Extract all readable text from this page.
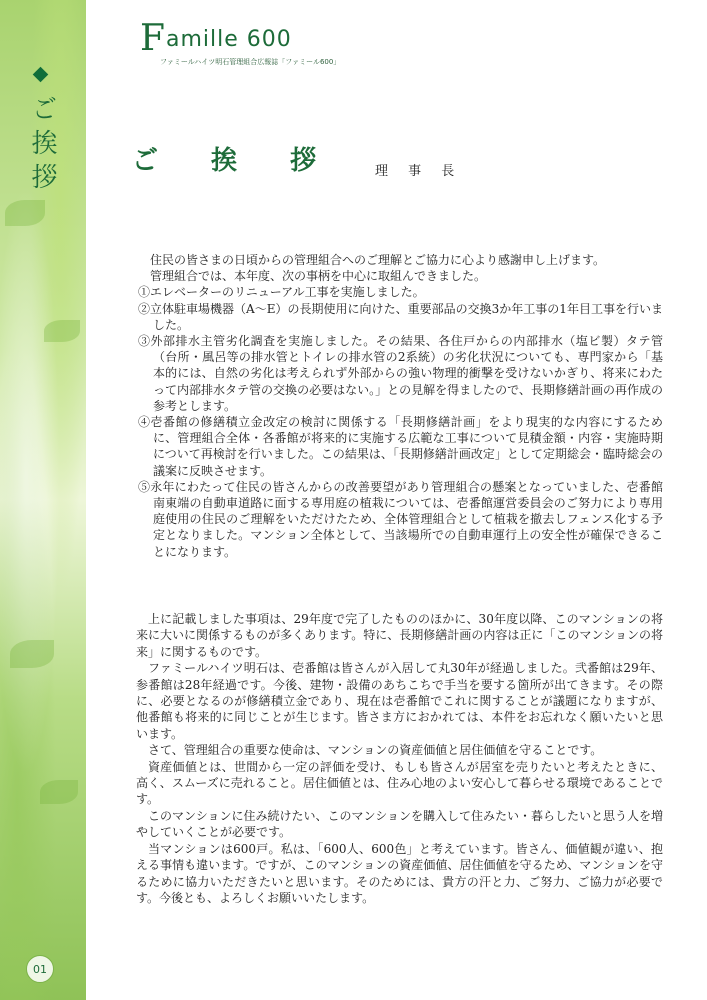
ご挨拶
01
Famille 600
ファミールハイツ明石管理組合広報誌「ファミール600」
ご 挨 拶	理 事 長

住民の皆さまの日頃からの管理組合へのご理解とご協力に心より感謝申し上げます。

管理組合では、本年度、次の事柄を中心に取組んできました。

①エレベーターのリニューアル工事を実施しました。

②立体駐車場機器（A〜E）の長期使用に向けた、重要部品の交換3か年工事の1年目工事を行いました。

③外部排水主管劣化調査を実施しました。その結果、各住戸からの内部排水（塩ビ製）タテ管（台所・風呂等の排水管とトイレの排水管の2系統）の劣化状況についても、専門家から「基本的には、自然の劣化は考えられず外部からの強い物理的衝撃を受けないかぎり、将来にわたって内部排水タテ管の交換の必要はない。」との見解を得ましたので、長期修繕計画の再作成の参考とします。

④壱番館の修繕積立金改定の検討に関係する「長期修繕計画」をより現実的な内容にするために、管理組合全体・各番館が将来的に実施する広範な工事について見積金額・内容・実施時期について再検討を行いました。この結果は、「長期修繕計画改定」として定期総会・臨時総会の議案に反映させます。

⑤永年にわたって住民の皆さんからの改善要望があり管理組合の懸案となっていました、壱番館南東端の自動車道路に面する専用庭の植栽については、壱番館運営委員会のご努力により専用庭使用の住民のご理解をいただけたため、全体管理組合として植栽を撤去しフェンス化する予定となりました。マンション全体として、当該場所での自動車運行上の安全性が確保できることになります。

上に記載しました事項は、29年度で完了したもののほかに、30年度以降、このマンションの将来に大いに関係するものが多くあります。特に、長期修繕計画の内容は正に「このマンションの将来」に関するものです。

ファミールハイツ明石は、壱番館は皆さんが入居して丸30年が経過しました。弐番館は29年、参番館は28年経過です。今後、建物・設備のあちこちで手当を要する箇所が出てきます。その際に、必要となるのが修繕積立金であり、現在は壱番館でこれに関することが議題になりますが、他番館も将来的に同じことが生じます。皆さま方におかれては、本件をお忘れなく願いたいと思います。

さて、管理組合の重要な使命は、マンションの資産価値と居住価値を守ることです。

資産価値とは、世間から一定の評価を受け、もしも皆さんが居室を売りたいと考えたときに、高く、スムーズに売れること。居住価値とは、住み心地のよい安心して暮らせる環境であることです。

このマンションに住み続けたい、このマンションを購入して住みたい・暮らしたいと思う人を増やしていくことが必要です。

当マンションは600戸。私は、「600人、600色」と考えています。皆さん、価値観が違い、抱える事情も違います。ですが、このマンションの資産価値、居住価値を守るため、マンションを守るために協力いただきたいと思います。そのためには、貴方の汗と力、ご努力、ご協力が必要です。今後とも、よろしくお願いいたします。
